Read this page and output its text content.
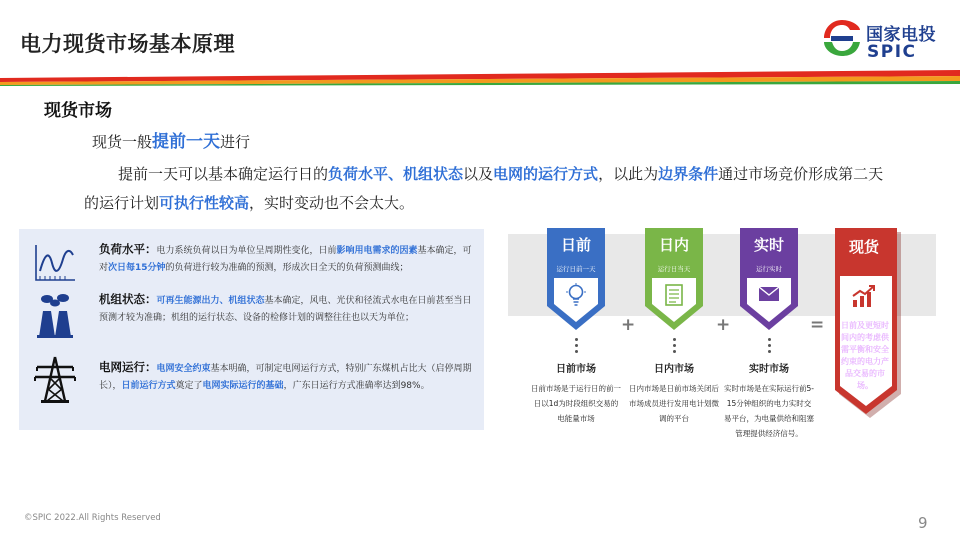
电力现货市场基本原理	国家电投
SPIC
现货市场
现货一般提前一天进行
提前一天可以基本确定运行日的负荷水平、机组状态以及电网的运行方式，以此为边界条件通过市场竞价形成第二天的运行计划可执行性较高，实时变动也不会太大。
负荷水平：电力系统负荷以日为单位呈周期性变化，日前影响用电需求的因素基本确定，可对次日每15分钟的负荷进行较为准确的预测，形成次日全天的负荷预测曲线；
机组状态：可再生能源出力、机组状态基本确定，风电、光伏和径流式水电在日前甚至当日预测才较为准确；机组的运行状态、设备的检修计划的调整往往也以天为单位；
电网运行：电网安全约束基本明确，可制定电网运行方式，特别广东煤机占比大（启停周期长），日前运行方式奠定了电网实际运行的基础，广东日运行方式准确率达到98%。
日前
运行日前一天
日内
运行日当天
实时
运行实时
+	+	=
日前市场
日前市场是于运行日的前一日以1d为时段组织交易的电能量市场
日内市场
日内市场是日前市场关闭后市场成员进行发用电计划微调的平台
实时市场
实时市场是在实际运行前5-15分钟组织的电力实时交易平台，为电量供给和阻塞管理提供经济信号。
现货
日前及更短时间内的考虑供需平衡和安全约束的电力产品交易的市场。
©SPIC 2022.All Rights Reserved	9
